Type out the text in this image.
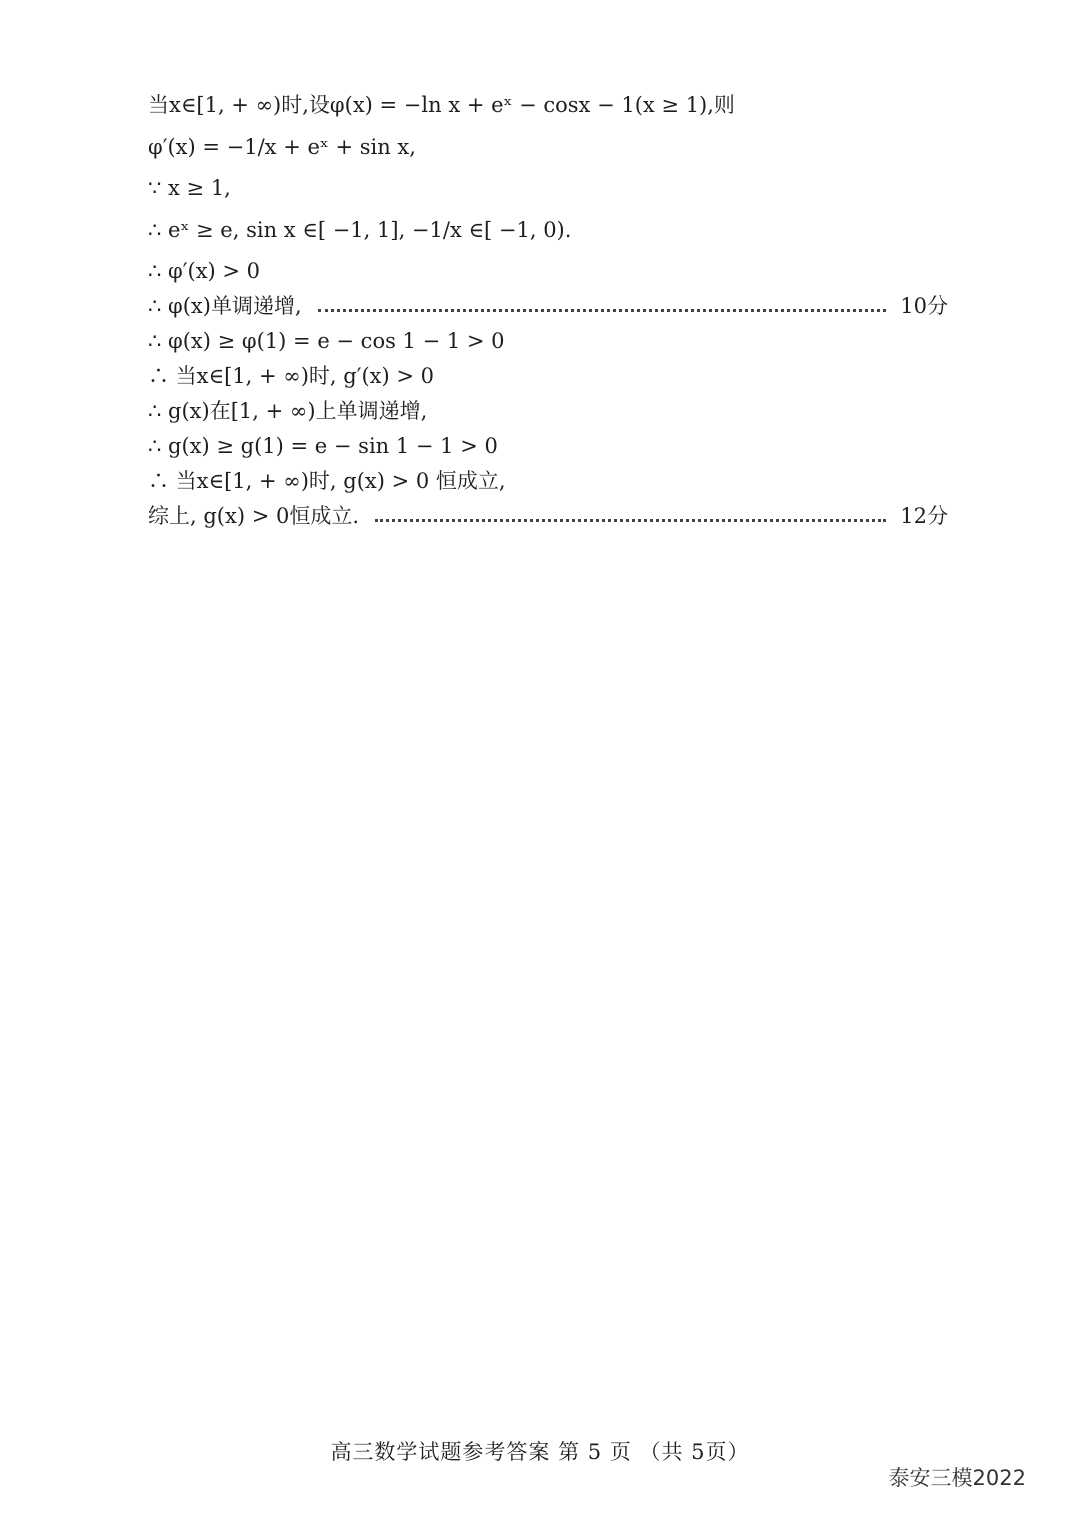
当x∈[1, + ∞)时,设φ(x) = −ln x + eˣ − cosx − 1(x ≥ 1),则
φ′(x) = −1/x + eˣ + sin x,
∵ x ≥ 1,
∴ eˣ ≥ e, sin x ∈[ −1, 1], −1/x ∈[ −1, 0).
∴ φ′(x) > 0
∴ φ(x)单调递增,	10分
∴ φ(x) ≥ φ(1) = e − cos 1 − 1 > 0
∴ 当x∈[1, + ∞)时, g′(x) > 0
∴ g(x)在[1, + ∞)上单调递增,
∴ g(x) ≥ g(1) = e − sin 1 − 1 > 0
∴ 当x∈[1, + ∞)时, g(x) > 0 恒成立,
综上, g(x) > 0恒成立.	12分
高三数学试题参考答案 第 5 页 （共 5页）
泰安三模2022
